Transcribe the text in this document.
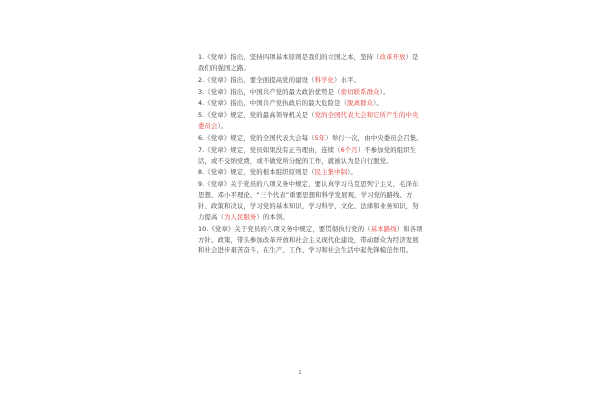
1.《党章》指出，坚持四项基本原则是我们的立国之本，坚持（改革开放）是我们的强国之路。

2.《党章》指出，要全面提高党的建设（科学化）水平。

3.《党章》指出，中国共产党的最大政治优势是（密切联系群众）。

4.《党章》指出，中国共产党执政后的最大危险是（脱离群众）。

5.《党章》规定，党的最高领导机关是（党的全国代表大会和它所产生的中央委员会）。

6.《党章》规定，党的全国代表大会每（5年）举行一次，由中央委员会召集。

7.《党章》规定，党员如果没有正当理由，连续（6个月）不参加党的组织生活，或不交纳党费，或不做党所分配的工作，就被认为是自行脱党。

8.《党章》规定，党的根本组织原则是（民主集中制）。

9.《党章》关于党员的八项义务中规定，要认真学习马克思列宁主义、毛泽东思想、邓小平理论、“三个代表”重要思想和科学发展观，学习党的路线、方针、政策和决议，学习党的基本知识，学习科学、文化、法律和业务知识，努力提高（为人民服务）的本领。

10.《党章》关于党员的八项义务中规定，要贯彻执行党的（基本路线）和各项方针、政策，带头参加改革开放和社会主义现代化建设，带动群众为经济发展和社会进步艰苦奋斗，在生产、工作、学习和社会生活中起先锋模范作用。

1
